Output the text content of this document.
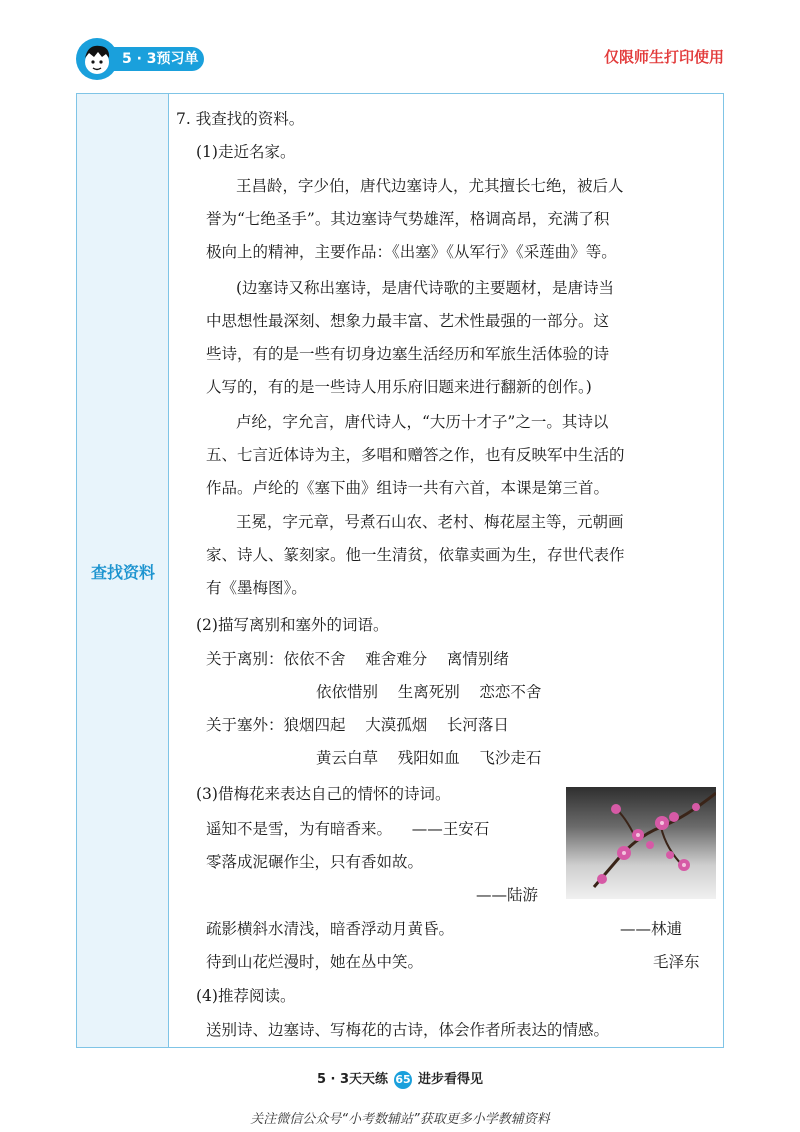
5 · 3预习单	仅限师生打印使用
查找资料
7. 我查找的资料。
(1)走近名家。
王昌龄，字少伯，唐代边塞诗人，尤其擅长七绝，被后人
誉为“七绝圣手”。其边塞诗气势雄浑，格调高昂，充满了积
极向上的精神，主要作品：《出塞》《从军行》《采莲曲》等。
(边塞诗又称出塞诗，是唐代诗歌的主要题材，是唐诗当
中思想性最深刻、想象力最丰富、艺术性最强的一部分。这
些诗，有的是一些有切身边塞生活经历和军旅生活体验的诗
人写的，有的是一些诗人用乐府旧题来进行翻新的创作。)
卢纶，字允言，唐代诗人，“大历十才子”之一。其诗以
五、七言近体诗为主，多唱和赠答之作，也有反映军中生活的
作品。卢纶的《塞下曲》组诗一共有六首，本课是第三首。
王冕，字元章，号煮石山农、老村、梅花屋主等，元朝画
家、诗人、篆刻家。他一生清贫，依靠卖画为生，存世代表作
有《墨梅图》。
(2)描写离别和塞外的词语。
关于离别：依依不舍    难舍难分    离情别绪
依依惜别    生离死别    恋恋不舍
关于塞外：狼烟四起    大漠孤烟    长河落日
黄云白草    残阳如血    飞沙走石
(3)借梅花来表达自己的情怀的诗词。
遥知不是雪，为有暗香来。    ——王安石
零落成泥碾作尘，只有香如故。
——陆游
疏影横斜水清浅，暗香浮动月黄昏。	——林逋
待到山花烂漫时，她在丛中笑。	毛泽东
(4)推荐阅读。
送别诗、边塞诗、写梅花的古诗，体会作者所表达的情感。
5 · 3天天练 65 进步看得见
关注微信公众号“小考数辅站”获取更多小学教辅资料
